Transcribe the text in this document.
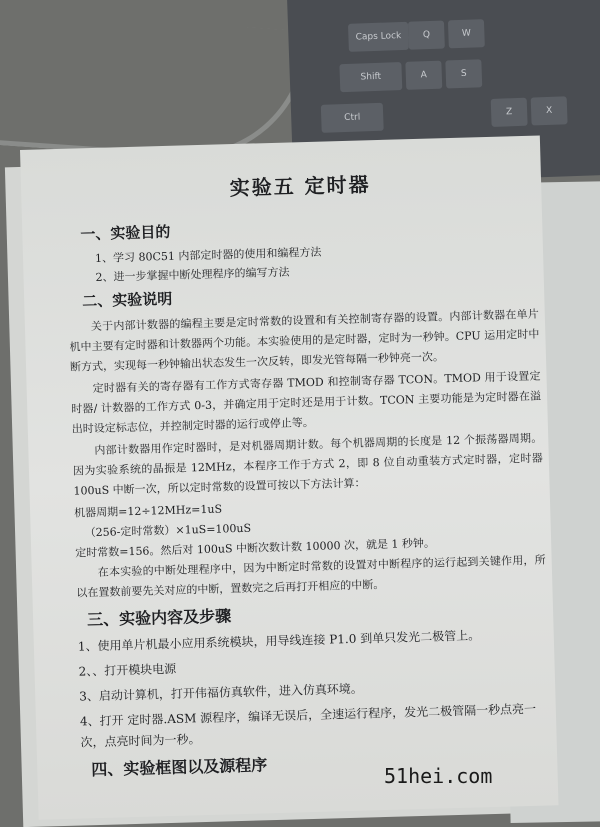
Q	W
Caps Lock
Shift
Ctrl
A	S
Z	X
实验五 定时器
一、实验目的
1、学习 80C51 内部定时器的使用和编程方法
2、进一步掌握中断处理程序的编写方法
二、实验说明

关于内部计数器的编程主要是定时常数的设置和有关控制寄存器的设置。内部计数器在单片机中主要有定时器和计数器两个功能。本实验使用的是定时器，定时为一秒钟。CPU 运用定时中断方式，实现每一秒钟输出状态发生一次反转，即发光管每隔一秒钟亮一次。

定时器有关的寄存器有工作方式寄存器 TMOD 和控制寄存器 TCON。TMOD 用于设置定时器/ 计数器的工作方式 0-3，并确定用于定时还是用于计数。TCON 主要功能是为定时器在溢出时设定标志位，并控制定时器的运行或停止等。

内部计数器用作定时器时，是对机器周期计数。每个机器周期的长度是 12 个振荡器周期。因为实验系统的晶振是 12MHz，本程序工作于方式 2，即 8 位自动重装方式定时器，定时器 100uS 中断一次，所以定时常数的设置可按以下方法计算：

机器周期=12÷12MHz=1uS

（256-定时常数）×1uS=100uS

定时常数=156。然后对 100uS 中断次数计数 10000 次，就是 1 秒钟。

在本实验的中断处理程序中，因为中断定时常数的设置对中断程序的运行起到关键作用，所以在置数前要先关对应的中断，置数完之后再打开相应的中断。

三、实验内容及步骤

1、使用单片机最小应用系统模块，用导线连接 P1.0 到单只发光二极管上。

2、、打开模块电源

3、启动计算机，打开伟福仿真软件，进入仿真环境。

4、打开 定时器.ASM 源程序，编译无误后，全速运行程序，发光二极管隔一秒点亮一次，点亮时间为一秒。

四、实验框图以及源程序	51hei.com
